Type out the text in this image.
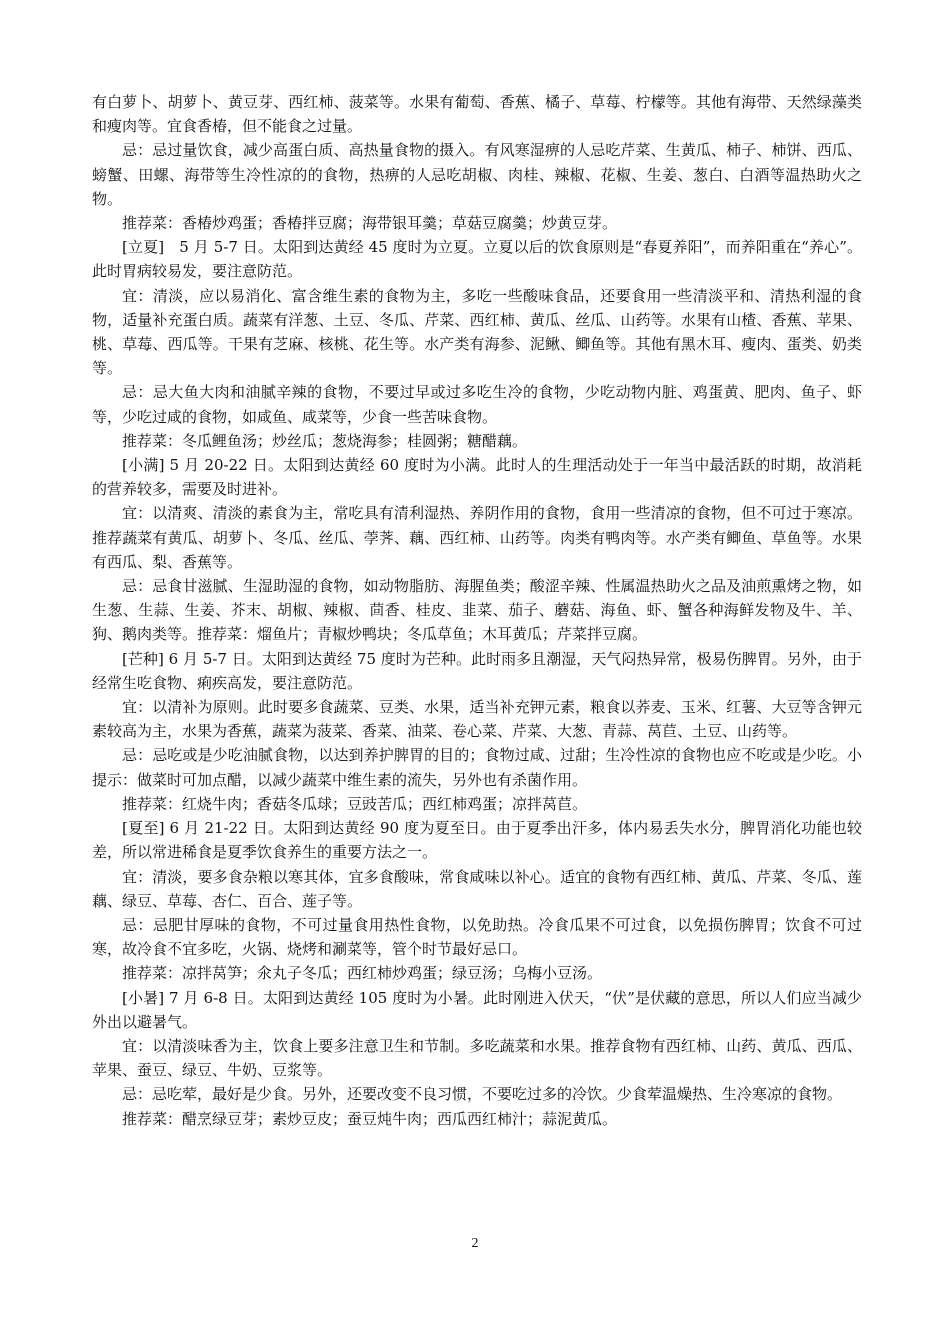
有白萝卜、胡萝卜、黄豆芽、西红柿、菠菜等。水果有葡萄、香蕉、橘子、草莓、柠檬等。其他有海带、天然绿藻类和瘦肉等。宜食香椿，但不能食之过量。

忌：忌过量饮食，减少高蛋白质、高热量食物的摄入。有风寒湿痹的人忌吃芹菜、生黄瓜、柿子、柿饼、西瓜、螃蟹、田螺、海带等生冷性凉的的食物，热痹的人忌吃胡椒、肉桂、辣椒、花椒、生姜、葱白、白酒等温热助火之物。

推荐菜：香椿炒鸡蛋；香椿拌豆腐；海带银耳羹；草菇豆腐羹；炒黄豆芽。

[立夏]　5 月 5-7 日。太阳到达黄经 45 度时为立夏。立夏以后的饮食原则是“春夏养阳”，而养阳重在“养心”。此时胃病较易发，要注意防范。

宜：清淡，应以易消化、富含维生素的食物为主，多吃一些酸味食品，还要食用一些清淡平和、清热利湿的食物，适量补充蛋白质。蔬菜有洋葱、土豆、冬瓜、芹菜、西红柿、黄瓜、丝瓜、山药等。水果有山楂、香蕉、苹果、桃、草莓、西瓜等。干果有芝麻、核桃、花生等。水产类有海参、泥鳅、鲫鱼等。其他有黑木耳、瘦肉、蛋类、奶类等。

忌：忌大鱼大肉和油腻辛辣的食物，不要过早或过多吃生冷的食物，少吃动物内脏、鸡蛋黄、肥肉、鱼子、虾等，少吃过咸的食物，如咸鱼、咸菜等，少食一些苦味食物。

推荐菜：冬瓜鲤鱼汤；炒丝瓜；葱烧海参；桂圆粥；糖醋藕。

[小满] 5 月 20-22 日。太阳到达黄经 60 度时为小满。此时人的生理活动处于一年当中最活跃的时期，故消耗的营养较多，需要及时进补。

宜：以清爽、清淡的素食为主，常吃具有清利湿热、养阴作用的食物，食用一些清凉的食物，但不可过于寒凉。推荐蔬菜有黄瓜、胡萝卜、冬瓜、丝瓜、荸荠、藕、西红柿、山药等。肉类有鸭肉等。水产类有鲫鱼、草鱼等。水果有西瓜、梨、香蕉等。

忌：忌食甘滋腻、生湿助湿的食物，如动物脂肪、海腥鱼类；酸涩辛辣、性属温热助火之品及油煎熏烤之物，如生葱、生蒜、生姜、芥末、胡椒、辣椒、茴香、桂皮、韭菜、茄子、蘑菇、海鱼、虾、蟹各种海鲜发物及牛、羊、狗、鹅肉类等。推荐菜：熘鱼片；青椒炒鸭块；冬瓜草鱼；木耳黄瓜；芹菜拌豆腐。

[芒种] 6 月 5-7 日。太阳到达黄经 75 度时为芒种。此时雨多且潮湿，天气闷热异常，极易伤脾胃。另外，由于经常生吃食物、痢疾高发，要注意防范。

宜：以清补为原则。此时要多食蔬菜、豆类、水果，适当补充钾元素，粮食以荞麦、玉米、红薯、大豆等含钾元素较高为主，水果为香蕉，蔬菜为菠菜、香菜、油菜、卷心菜、芹菜、大葱、青蒜、莴苣、土豆、山药等。

忌：忌吃或是少吃油腻食物，以达到养护脾胃的目的；食物过咸、过甜；生冷性凉的食物也应不吃或是少吃。小提示：做菜时可加点醋，以减少蔬菜中维生素的流失，另外也有杀菌作用。

推荐菜：红烧牛肉；香菇冬瓜球；豆豉苦瓜；西红柿鸡蛋；凉拌莴苣。

[夏至] 6 月 21-22 日。太阳到达黄经 90 度为夏至日。由于夏季出汗多，体内易丢失水分，脾胃消化功能也较差，所以常进稀食是夏季饮食养生的重要方法之一。

宜：清淡，要多食杂粮以寒其体，宜多食酸味，常食咸味以补心。适宜的食物有西红柿、黄瓜、芹菜、冬瓜、莲藕、绿豆、草莓、杏仁、百合、莲子等。

忌：忌肥甘厚味的食物，不可过量食用热性食物，以免助热。冷食瓜果不可过食，以免损伤脾胃；饮食不可过寒，故冷食不宜多吃，火锅、烧烤和涮菜等，管个时节最好忌口。

推荐菜：凉拌莴笋；氽丸子冬瓜；西红柿炒鸡蛋；绿豆汤；乌梅小豆汤。

[小暑] 7 月 6-8 日。太阳到达黄经 105 度时为小暑。此时刚进入伏天，“伏”是伏藏的意思，所以人们应当减少外出以避暑气。

宜：以清淡味香为主，饮食上要多注意卫生和节制。多吃蔬菜和水果。推荐食物有西红柿、山药、黄瓜、西瓜、苹果、蚕豆、绿豆、牛奶、豆浆等。

忌：忌吃荤，最好是少食。另外，还要改变不良习惯，不要吃过多的冷饮。少食荤温燥热、生冷寒凉的食物。

推荐菜：醋烹绿豆芽；素炒豆皮；蚕豆炖牛肉；西瓜西红柿汁；蒜泥黄瓜。

2
